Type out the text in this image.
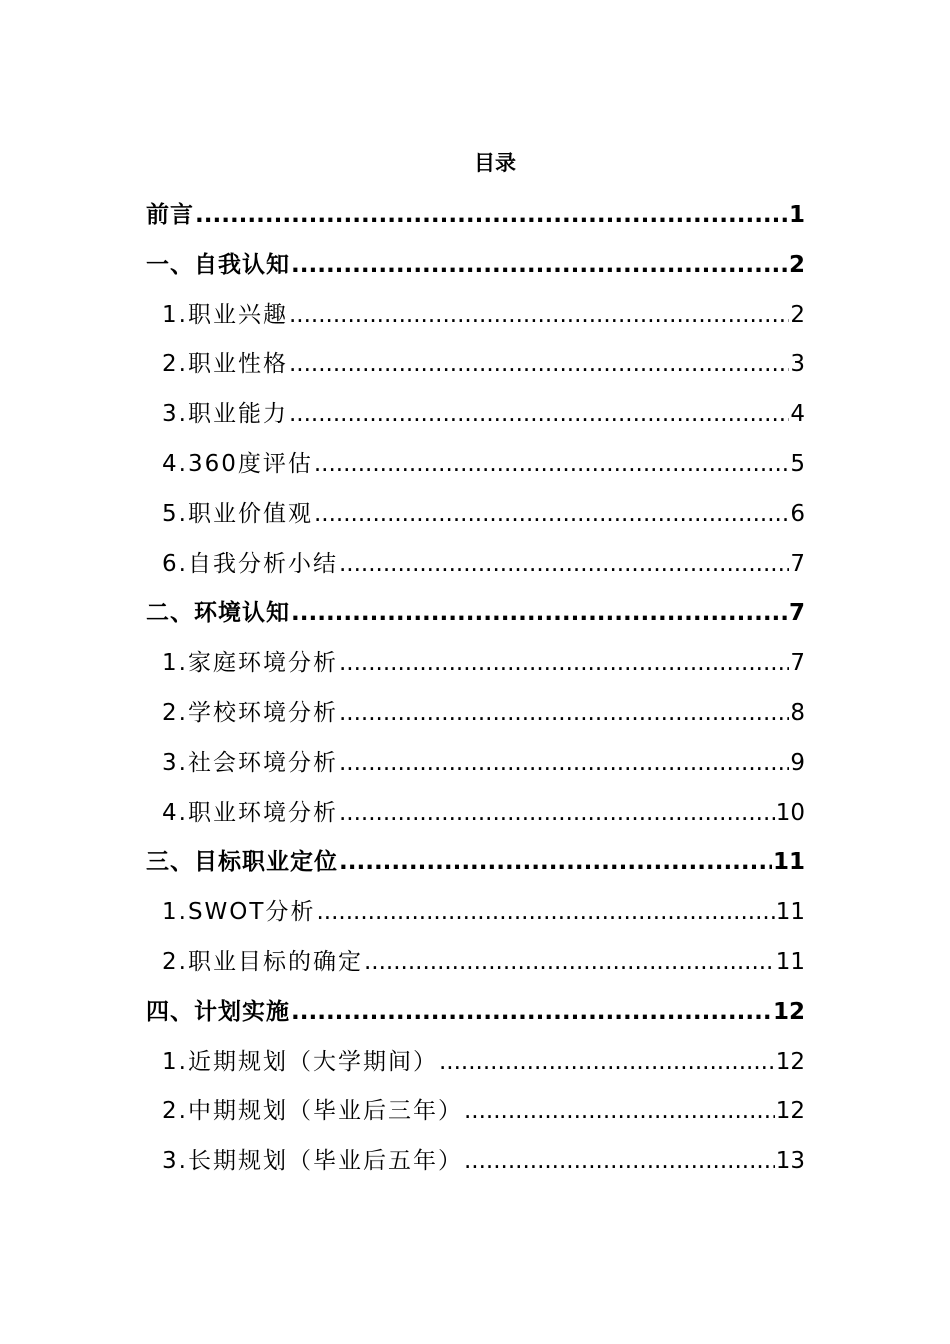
目录
前言 .....	1
一、自我认知 .....	2
1.职业兴趣 .....	2
2.职业性格 .....	3
3.职业能力 .....	4
4.360度评估 .....	5
5.职业价值观 .....	6
6.自我分析小结 .....	7
二、环境认知 .....	7
1.家庭环境分析 .....	7
2.学校环境分析 .....	8
3.社会环境分析 .....	9
4.职业环境分析 .....	10
三、目标职业定位 .....	11
1.SWOT分析 .....	11
2.职业目标的确定 .....	11
四、计划实施 .....	12
1.近期规划（大学期间） .....	12
2.中期规划（毕业后三年） .....	12
3.长期规划（毕业后五年） .....	13
